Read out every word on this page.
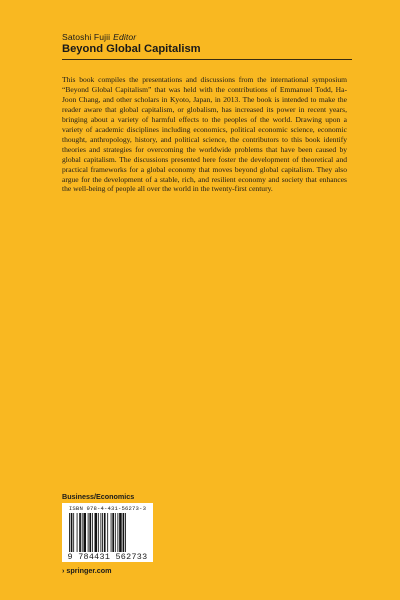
Satoshi Fujii Editor
Beyond Global Capitalism

This book compiles the presentations and discussions from the international symposium “Beyond Global Capitalism” that was held with the contributions of Emmanuel Todd, Ha-Joon Chang, and other scholars in Kyoto, Japan, in 2013. The book is intended to make the reader aware that global capitalism, or globalism, has increased its power in recent years, bringing about a variety of harmful effects to the peoples of the world. Drawing upon a variety of academic disciplines including economics, political economic science, economic thought, anthropology, history, and political science, the contributors to this book identify theories and strategies for overcoming the worldwide problems that have been caused by global capitalism. The discussions presented here foster the development of theoretical and practical frameworks for a global economy that moves beyond global capitalism. They also argue for the development of a stable, rich, and resilient economy and society that enhances the well-being of people all over the world in the twenty-first century.

Business/Economics
ISBN 978-4-431-56273-3
9 784431 562733
› springer.com
